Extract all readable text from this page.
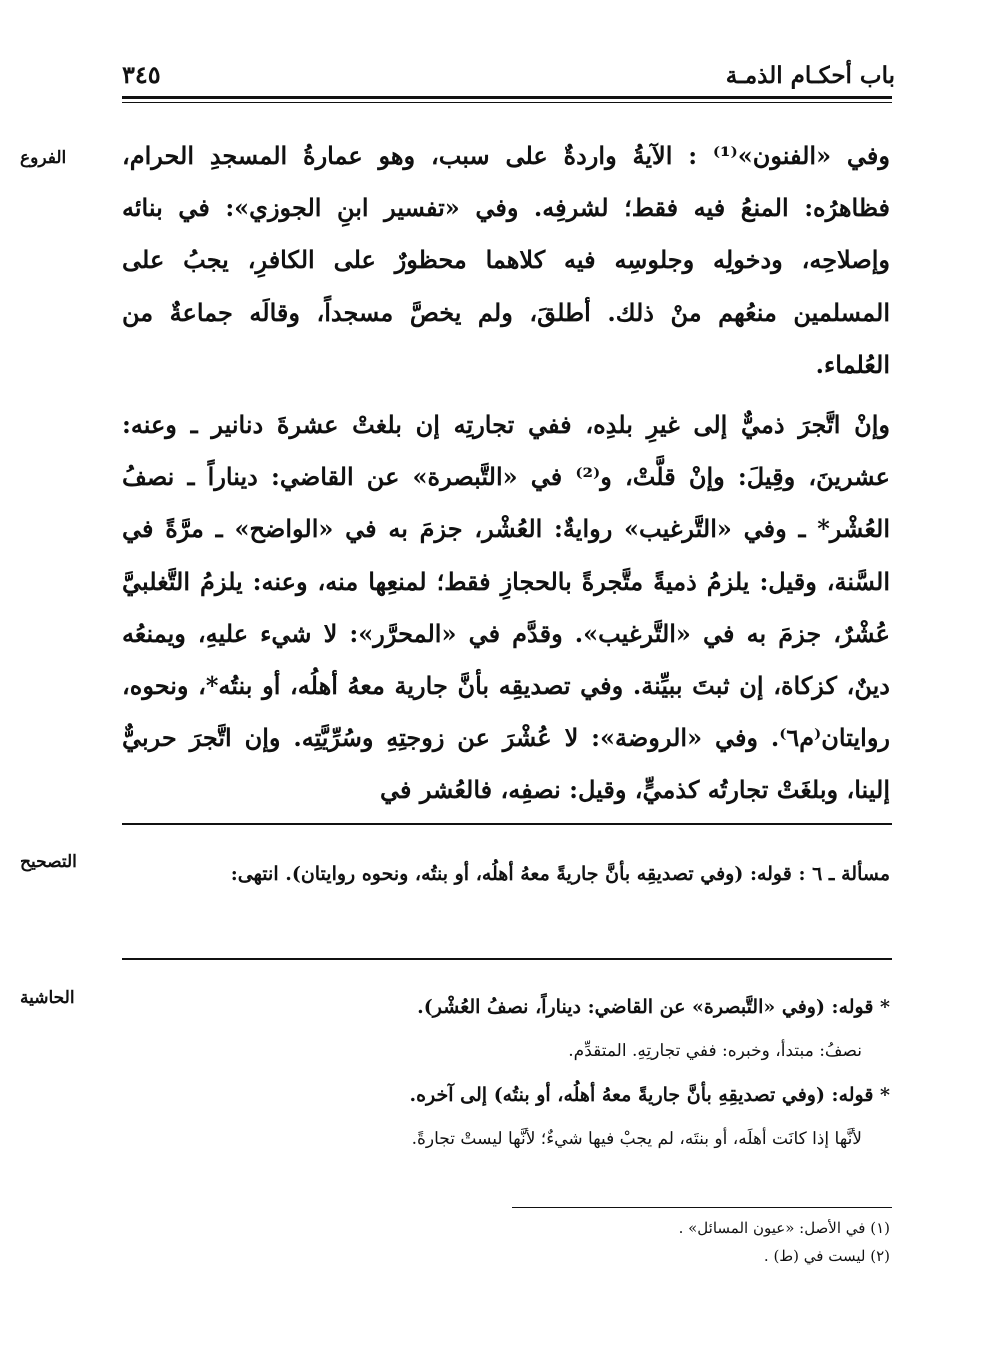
باب أحكـام الذمـة
٣٤٥
الفروع
التصحيح
الحاشية

وفي «الفنون»⁽¹⁾ : الآيةُ واردةٌ على سبب، وهو عمارةُ المسجدِ الحرام، فظاهرُه: المنعُ فيه فقط؛ لشرفِه. وفي «تفسير ابنِ الجوزي»: في بنائه وإصلاحِه، ودخولِه وجلوسِه فيه كلاهما محظورٌ على الكافرِ، يجبُ على المسلمين منعُهم منْ ذلك. أطلقَ، ولم يخصَّ مسجداً، وقالَه جماعةٌ من العُلماء.

وإنْ اتَّجرَ ذميٌّ إلى غيرِ بلدِه، ففي تجارتِه إن بلغتْ عشرةَ دنانير ـ وعنه: عشرينَ، وقِيلَ: وإنْ قلَّتْ، و⁽²⁾ في «التَّبصرة» عن القاضي: ديناراً ـ نصفُ العُشْر* ـ وفي «التَّرغيب» روايةٌ: العُشْر، جزمَ به في «الواضح» ـ مرَّةً في السَّنة، وقيل: يلزمُ ذميةً متَّجرةً بالحجازِ فقط؛ لمنعِها منه، وعنه: يلزمُ التَّغلبيَّ عُشْرٌ، جزمَ به في «التَّرغيب». وقدَّم في «المحرَّر»: لا شيء عليهِ، ويمنعُه دينٌ، كزكاة، إن ثبتَ ببيِّنة. وفي تصديقِه بأنَّ جارية معهُ أهلُه، أو بنتُه*، ونحوه، روايتان⁽م٦⁾. وفي «الروضة»: لا عُشْرَ عن زوجتِهِ وسُرِّيَّتِه. وإن اتَّجرَ حربيٌّ إلينا، وبلغَتْ تجارتُه كذميٍّ، وقيل: نصفِه، فالعُشر في

مسألة ـ ٦ : قوله: (وفي تصديقِه بأنَّ جاريةً معهُ أهلُه، أو بنتُه، ونحوه روايتان). انتهى:

* قوله: (وفي «التَّبصرة» عن القاضي: ديناراً، نصفُ العُشْر).

نصفُ: مبتدأ، وخبره: ففي تجارتِهِ. المتقدِّم.

* قوله: (وفي تصديقِهِ بأنَّ جاريةً معهُ أهلُه، أو بنتُه) إلى آخره.

لأنَّها إذا كانَت أهلَه، أو بنتَه، لم يجبْ فيها شيءٌ؛ لأنَّها ليستْ تجارةً.

(١) في الأصل: «عيون المسائل» .

(٢) ليست في (ط) .
